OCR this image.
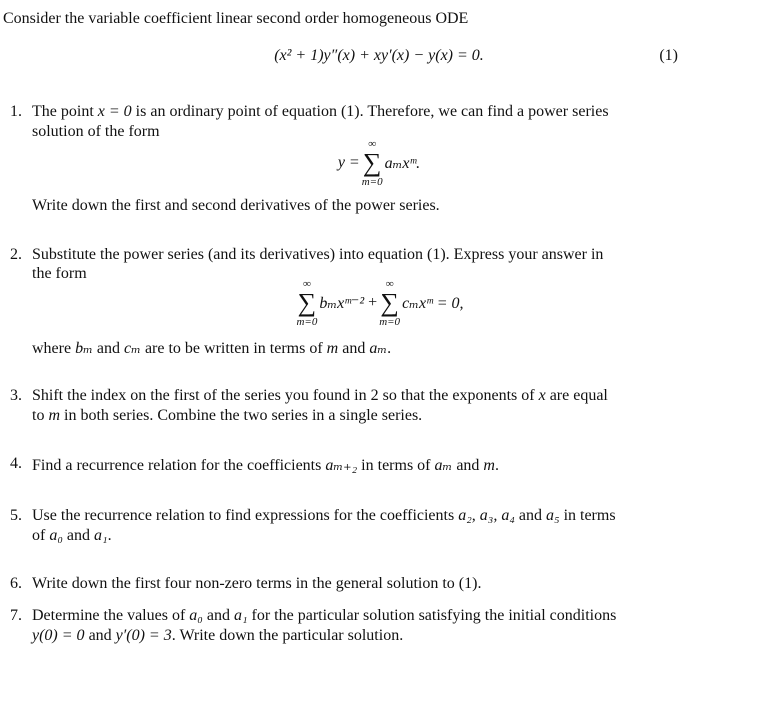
Consider the variable coefficient linear second order homogeneous ODE
(x² + 1)y″(x) + xy′(x) − y(x) = 0.	(1)
1. The point x = 0 is an ordinary point of equation (1). Therefore, we can find a power series
solution of the form
y =
∞
∑
m=0
aₘxᵐ.
Write down the first and second derivatives of the power series.
2. Substitute the power series (and its derivatives) into equation (1). Express your answer in
the form
∞
∑
m=0
bₘxᵐ⁻²
+
∞
∑
m=0
cₘxᵐ = 0,
where bₘ and cₘ are to be written in terms of m and aₘ.
3. Shift the index on the first of the series you found in 2 so that the exponents of x are equal
to m in both series. Combine the two series in a single series.
4. Find a recurrence relation for the coefficients aₘ₊₂ in terms of aₘ and m.
5. Use the recurrence relation to find expressions for the coefficients a₂, a₃, a₄ and a₅ in terms
of a₀ and a₁.
6. Write down the first four non-zero terms in the general solution to (1).
7. Determine the values of a₀ and a₁ for the particular solution satisfying the initial conditions
y(0) = 0 and y′(0) = 3. Write down the particular solution.
